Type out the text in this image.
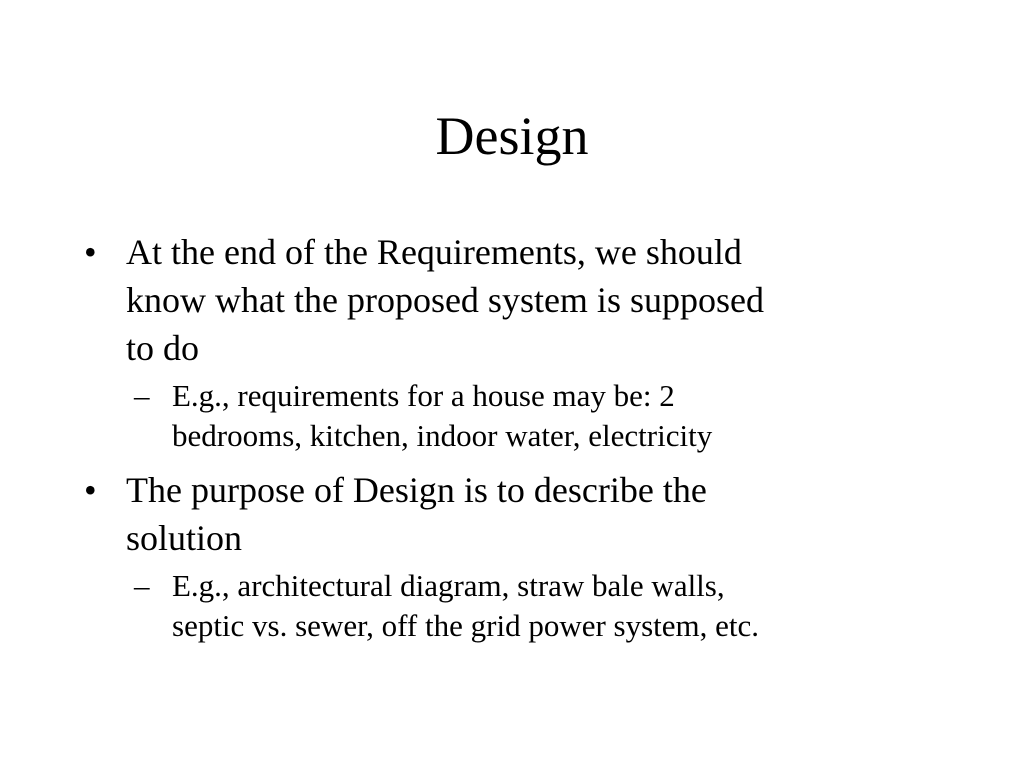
Design
• At the end of the Requirements, we should
know what the proposed system is supposed
to do
– E.g., requirements for a house may be: 2
bedrooms, kitchen, indoor water, electricity
• The purpose of Design is to describe the
solution
– E.g., architectural diagram, straw bale walls,
septic vs. sewer, off the grid power system, etc.
